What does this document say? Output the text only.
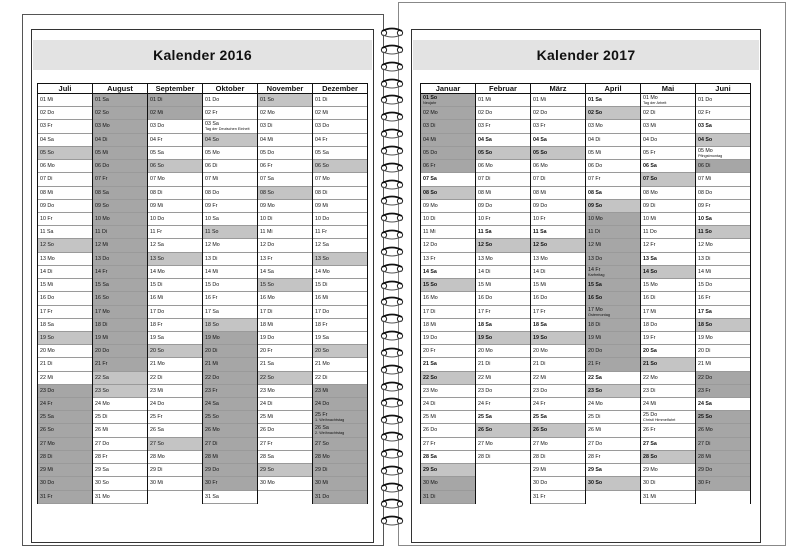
Kalender 2016
Juli
01 Mi
02 Do
03 Fr
04 Sa
05 So
06 Mo
07 Di
08 Mi
09 Do
10 Fr
11 Sa
12 So
13 Mo
14 Di
15 Mi
16 Do
17 Fr
18 Sa
19 So
20 Mo
21 Di
22 Mi
23 Do
24 Fr
25 Sa
26 So
27 Mo
28 Di
29 Mi
30 Do
31 Fr
August
01 Sa
02 So
03 Mo
04 Di
05 Mi
06 Do
07 Fr
08 Sa
09 So
10 Mo
11 Di
12 Mi
13 Do
14 Fr
15 Sa
16 So
17 Mo
18 Di
19 Mi
20 Do
21 Fr
22 Sa
23 So
24 Mo
25 Di
26 Mi
27 Do
28 Fr
29 Sa
30 So
31 Mo
September
01 Di
02 Mi
03 Do
04 Fr
05 Sa
06 So
07 Mo
08 Di
09 Mi
10 Do
11 Fr
12 Sa
13 So
14 Mo
15 Di
16 Mi
17 Do
18 Fr
19 Sa
20 So
21 Mo
22 Di
23 Mi
24 Do
25 Fr
26 Sa
27 So
28 Mo
29 Di
30 Mi
Oktober
01 Do
02 Fr
03 Sa
Tag der Deutschen Einheit
04 So
05 Mo
06 Di
07 Mi
08 Do
09 Fr
10 Sa
11 So
12 Mo
13 Di
14 Mi
15 Do
16 Fr
17 Sa
18 So
19 Mo
20 Di
21 Mi
22 Do
23 Fr
24 Sa
25 So
26 Mo
27 Di
28 Mi
29 Do
30 Fr
31 Sa
November
01 So
02 Mo
03 Di
04 Mi
05 Do
06 Fr
07 Sa
08 So
09 Mo
10 Di
11 Mi
12 Do
13 Fr
14 Sa
15 So
16 Mo
17 Di
18 Mi
19 Do
20 Fr
21 Sa
22 So
23 Mo
24 Di
25 Mi
26 Do
27 Fr
28 Sa
29 So
30 Mo
Dezember
01 Di
02 Mi
03 Do
04 Fr
05 Sa
06 So
07 Mo
08 Di
09 Mi
10 Do
11 Fr
12 Sa
13 So
14 Mo
15 Di
16 Mi
17 Do
18 Fr
19 Sa
20 So
21 Mo
22 Di
23 Mi
24 Do
25 Fr
1. Weihnachtstag
26 Sa
2. Weihnachtstag
27 So
28 Mo
29 Di
30 Mi
31 Do
Kalender 2017
Januar
01 So
Neujahr
02 Mo
03 Di
04 Mi
05 Do
06 Fr
07 Sa
08 So
09 Mo
10 Di
11 Mi
12 Do
13 Fr
14 Sa
15 So
16 Mo
17 Di
18 Mi
19 Do
20 Fr
21 Sa
22 So
23 Mo
24 Di
25 Mi
26 Do
27 Fr
28 Sa
29 So
30 Mo
31 Di
Februar
01 Mi
02 Do
03 Fr
04 Sa
05 So
06 Mo
07 Di
08 Mi
09 Do
10 Fr
11 Sa
12 So
13 Mo
14 Di
15 Mi
16 Do
17 Fr
18 Sa
19 So
20 Mo
21 Di
22 Mi
23 Do
24 Fr
25 Sa
26 So
27 Mo
28 Di
März
01 Mi
02 Do
03 Fr
04 Sa
05 So
06 Mo
07 Di
08 Mi
09 Do
10 Fr
11 Sa
12 So
13 Mo
14 Di
15 Mi
16 Do
17 Fr
18 Sa
19 So
20 Mo
21 Di
22 Mi
23 Do
24 Fr
25 Sa
26 So
27 Mo
28 Di
29 Mi
30 Do
31 Fr
April
01 Sa
02 So
03 Mo
04 Di
05 Mi
06 Do
07 Fr
08 Sa
09 So
10 Mo
11 Di
12 Mi
13 Do
14 Fr
Karfreitag
15 Sa
16 So
17 Mo
Ostermontag
18 Di
19 Mi
20 Do
21 Fr
22 Sa
23 So
24 Mo
25 Di
26 Mi
27 Do
28 Fr
29 Sa
30 So
Mai
01 Mo
Tag der Arbeit
02 Di
03 Mi
04 Do
05 Fr
06 Sa
07 So
08 Mo
09 Di
10 Mi
11 Do
12 Fr
13 Sa
14 So
15 Mo
16 Di
17 Mi
18 Do
19 Fr
20 Sa
21 So
22 Mo
23 Di
24 Mi
25 Do
Christi Himmelfahrt
26 Fr
27 Sa
28 So
29 Mo
30 Di
31 Mi
Juni
01 Do
02 Fr
03 Sa
04 So
05 Mo
Pfingstmontag
06 Di
07 Mi
08 Do
09 Fr
10 Sa
11 So
12 Mo
13 Di
14 Mi
15 Do
16 Fr
17 Sa
18 So
19 Mo
20 Di
21 Mi
22 Do
23 Fr
24 Sa
25 So
26 Mo
27 Di
28 Mi
29 Do
30 Fr
